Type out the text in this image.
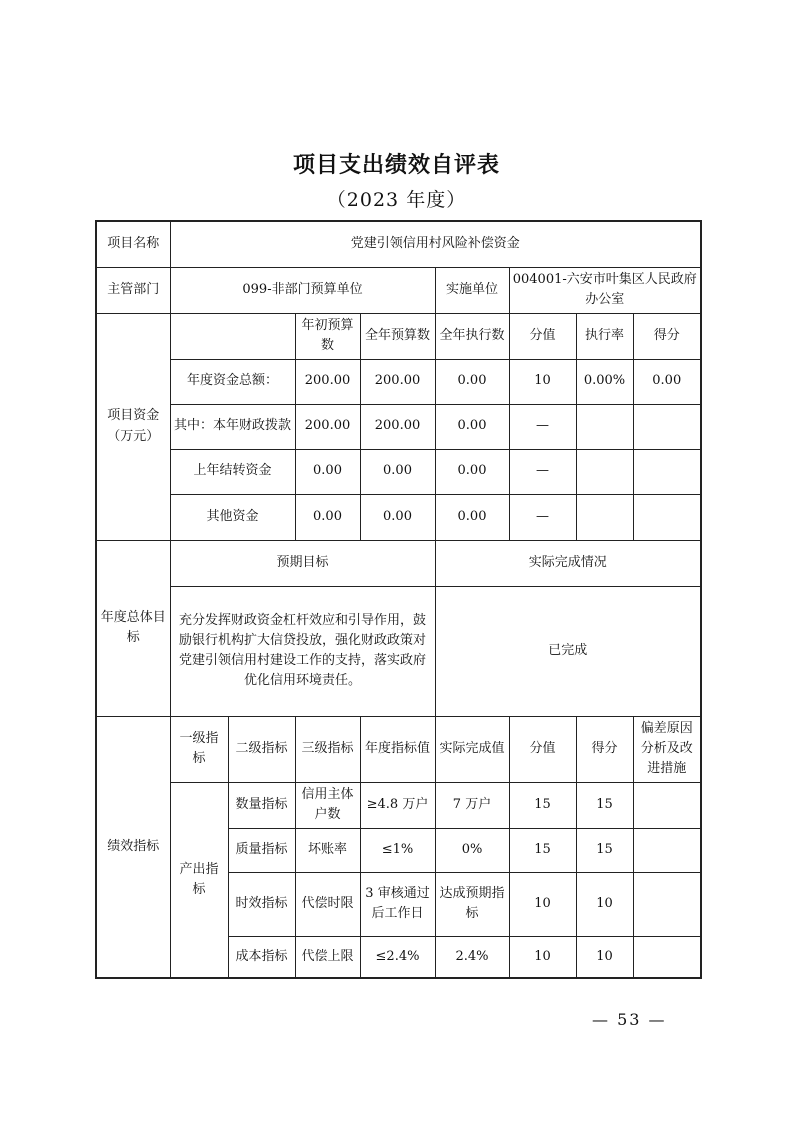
项目支出绩效自评表
（2023 年度）
项目名称	党建引领信用村风险补偿资金							
主管部门	099-非部门预算单位				实施单位	004001-六安市叶集区人民政府办公室		
项目资金（万元）			年初预算数	全年预算数	全年执行数	分值	执行率	得分
	年度资金总额：		200.00	200.00	0.00	10	0.00%	0.00
	其中：本年财政拨款		200.00	200.00	0.00	—		
	上年结转资金		0.00	0.00	0.00	—		
	其他资金		0.00	0.00	0.00	—		
年度总体目标	预期目标				实际完成情况			
	充分发挥财政资金杠杆效应和引导作用，鼓励银行机构扩大信贷投放，强化财政政策对党建引领信用村建设工作的支持，落实政府优化信用环境责任。				已完成			
绩效指标	一级指标	二级指标	三级指标	年度指标值	实际完成值	分值	得分	偏差原因分析及改进措施
	产出指标	数量指标	信用主体户数	≥4.8 万户	7 万户	15	15	
		质量指标	坏账率	≤1%	0%	15	15	
		时效指标	代偿时限	3 审核通过后工作日	达成预期指标	10	10	
		成本指标	代偿上限	≤2.4%	2.4%	10	10	
— 53 —
